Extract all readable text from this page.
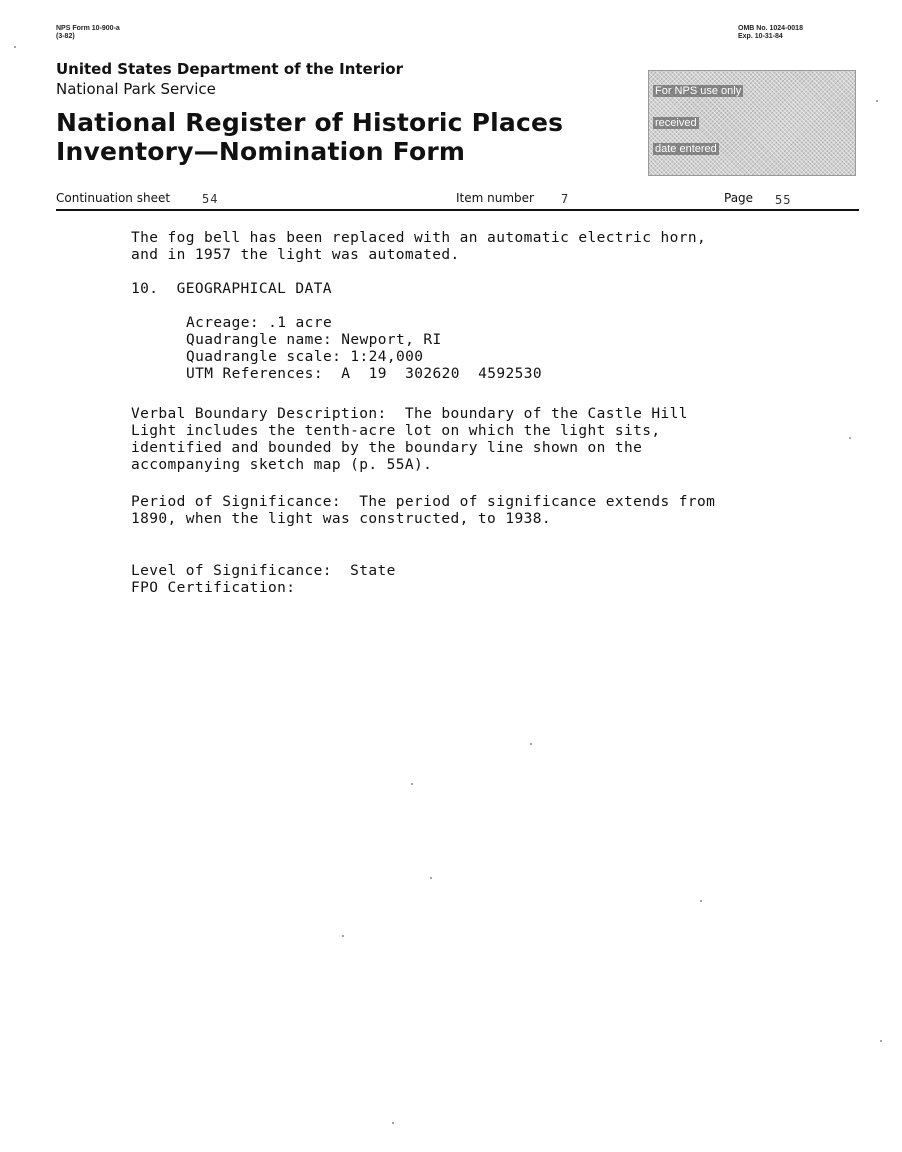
NPS Form 10-900-a
(3-82)
OMB No. 1024-0018
Exp. 10-31-84
United States Department of the Interior
National Park Service
National Register of Historic Places
Inventory—Nomination Form
For NPS use only
received
date entered
Continuation sheet	54	Item number 7	Page 55
The fog bell has been replaced with an automatic electric horn,
and in 1957 the light was automated.
10.  GEOGRAPHICAL DATA
Acreage: .1 acre
Quadrangle name: Newport, RI
Quadrangle scale: 1:24,000
UTM References:  A  19  302620  4592530
Verbal Boundary Description:  The boundary of the Castle Hill
Light includes the tenth-acre lot on which the light sits,
identified and bounded by the boundary line shown on the
accompanying sketch map (p. 55A).
Period of Significance:  The period of significance extends from
1890, when the light was constructed, to 1938.
Level of Significance:  State
FPO Certification:
